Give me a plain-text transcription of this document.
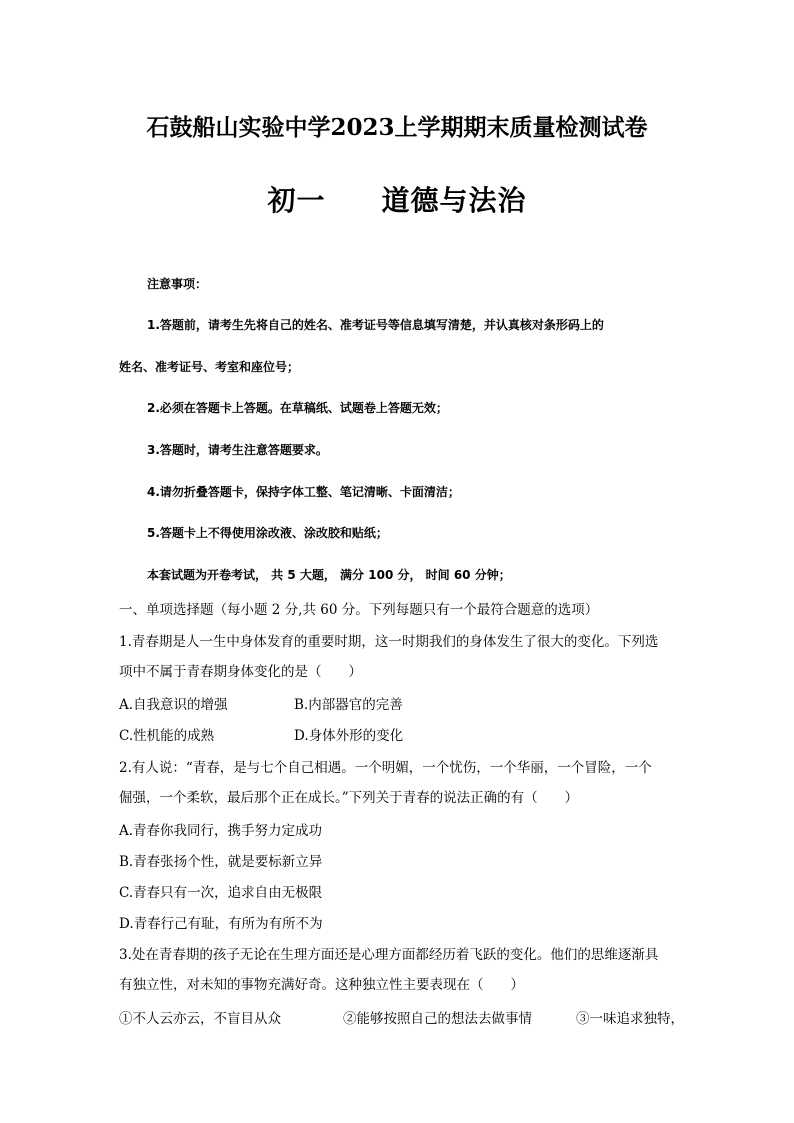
石鼓船山实验中学2023上学期期末质量检测试卷
初一 道德与法治
注意事项：
1.答题前，请考生先将自己的姓名、准考证号等信息填写清楚，并认真核对条形码上的
姓名、准考证号、考室和座位号；
2.必须在答题卡上答题。在草稿纸、试题卷上答题无效；
3.答题时，请考生注意答题要求。
4.请勿折叠答题卡，保持字体工整、笔记清晰、卡面清洁；
5.答题卡上不得使用涂改液、涂改胶和贴纸；
本套试题为开卷考试， 共 5 大题， 满分 100 分， 时间 60 分钟；
一、单项选择题（每小题 2 分,共 60 分。下列每题只有一个最符合题意的选项）
1.青春期是人一生中身体发育的重要时期，这一时期我们的身体发生了很大的变化。下列选
项中不属于青春期身体变化的是（　　）
A.自我意识的增强	B.内部器官的完善
C.性机能的成熟	D.身体外形的变化
2.有人说：“青春，是与七个自己相遇。一个明媚，一个忧伤，一个华丽，一个冒险，一个
倔强，一个柔软，最后那个正在成长。”下列关于青春的说法正确的有（　　）
A.青春你我同行，携手努力定成功
B.青春张扬个性，就是要标新立异
C.青春只有一次，追求自由无极限
D.青春行己有耻，有所为有所不为
3.处在青春期的孩子无论在生理方面还是心理方面都经历着飞跃的变化。他们的思维逐渐具
有独立性，对未知的事物充满好奇。这种独立性主要表现在（　　）
①不人云亦云，不盲目从众	②能够按照自己的想法去做事情	③一味追求独特，
